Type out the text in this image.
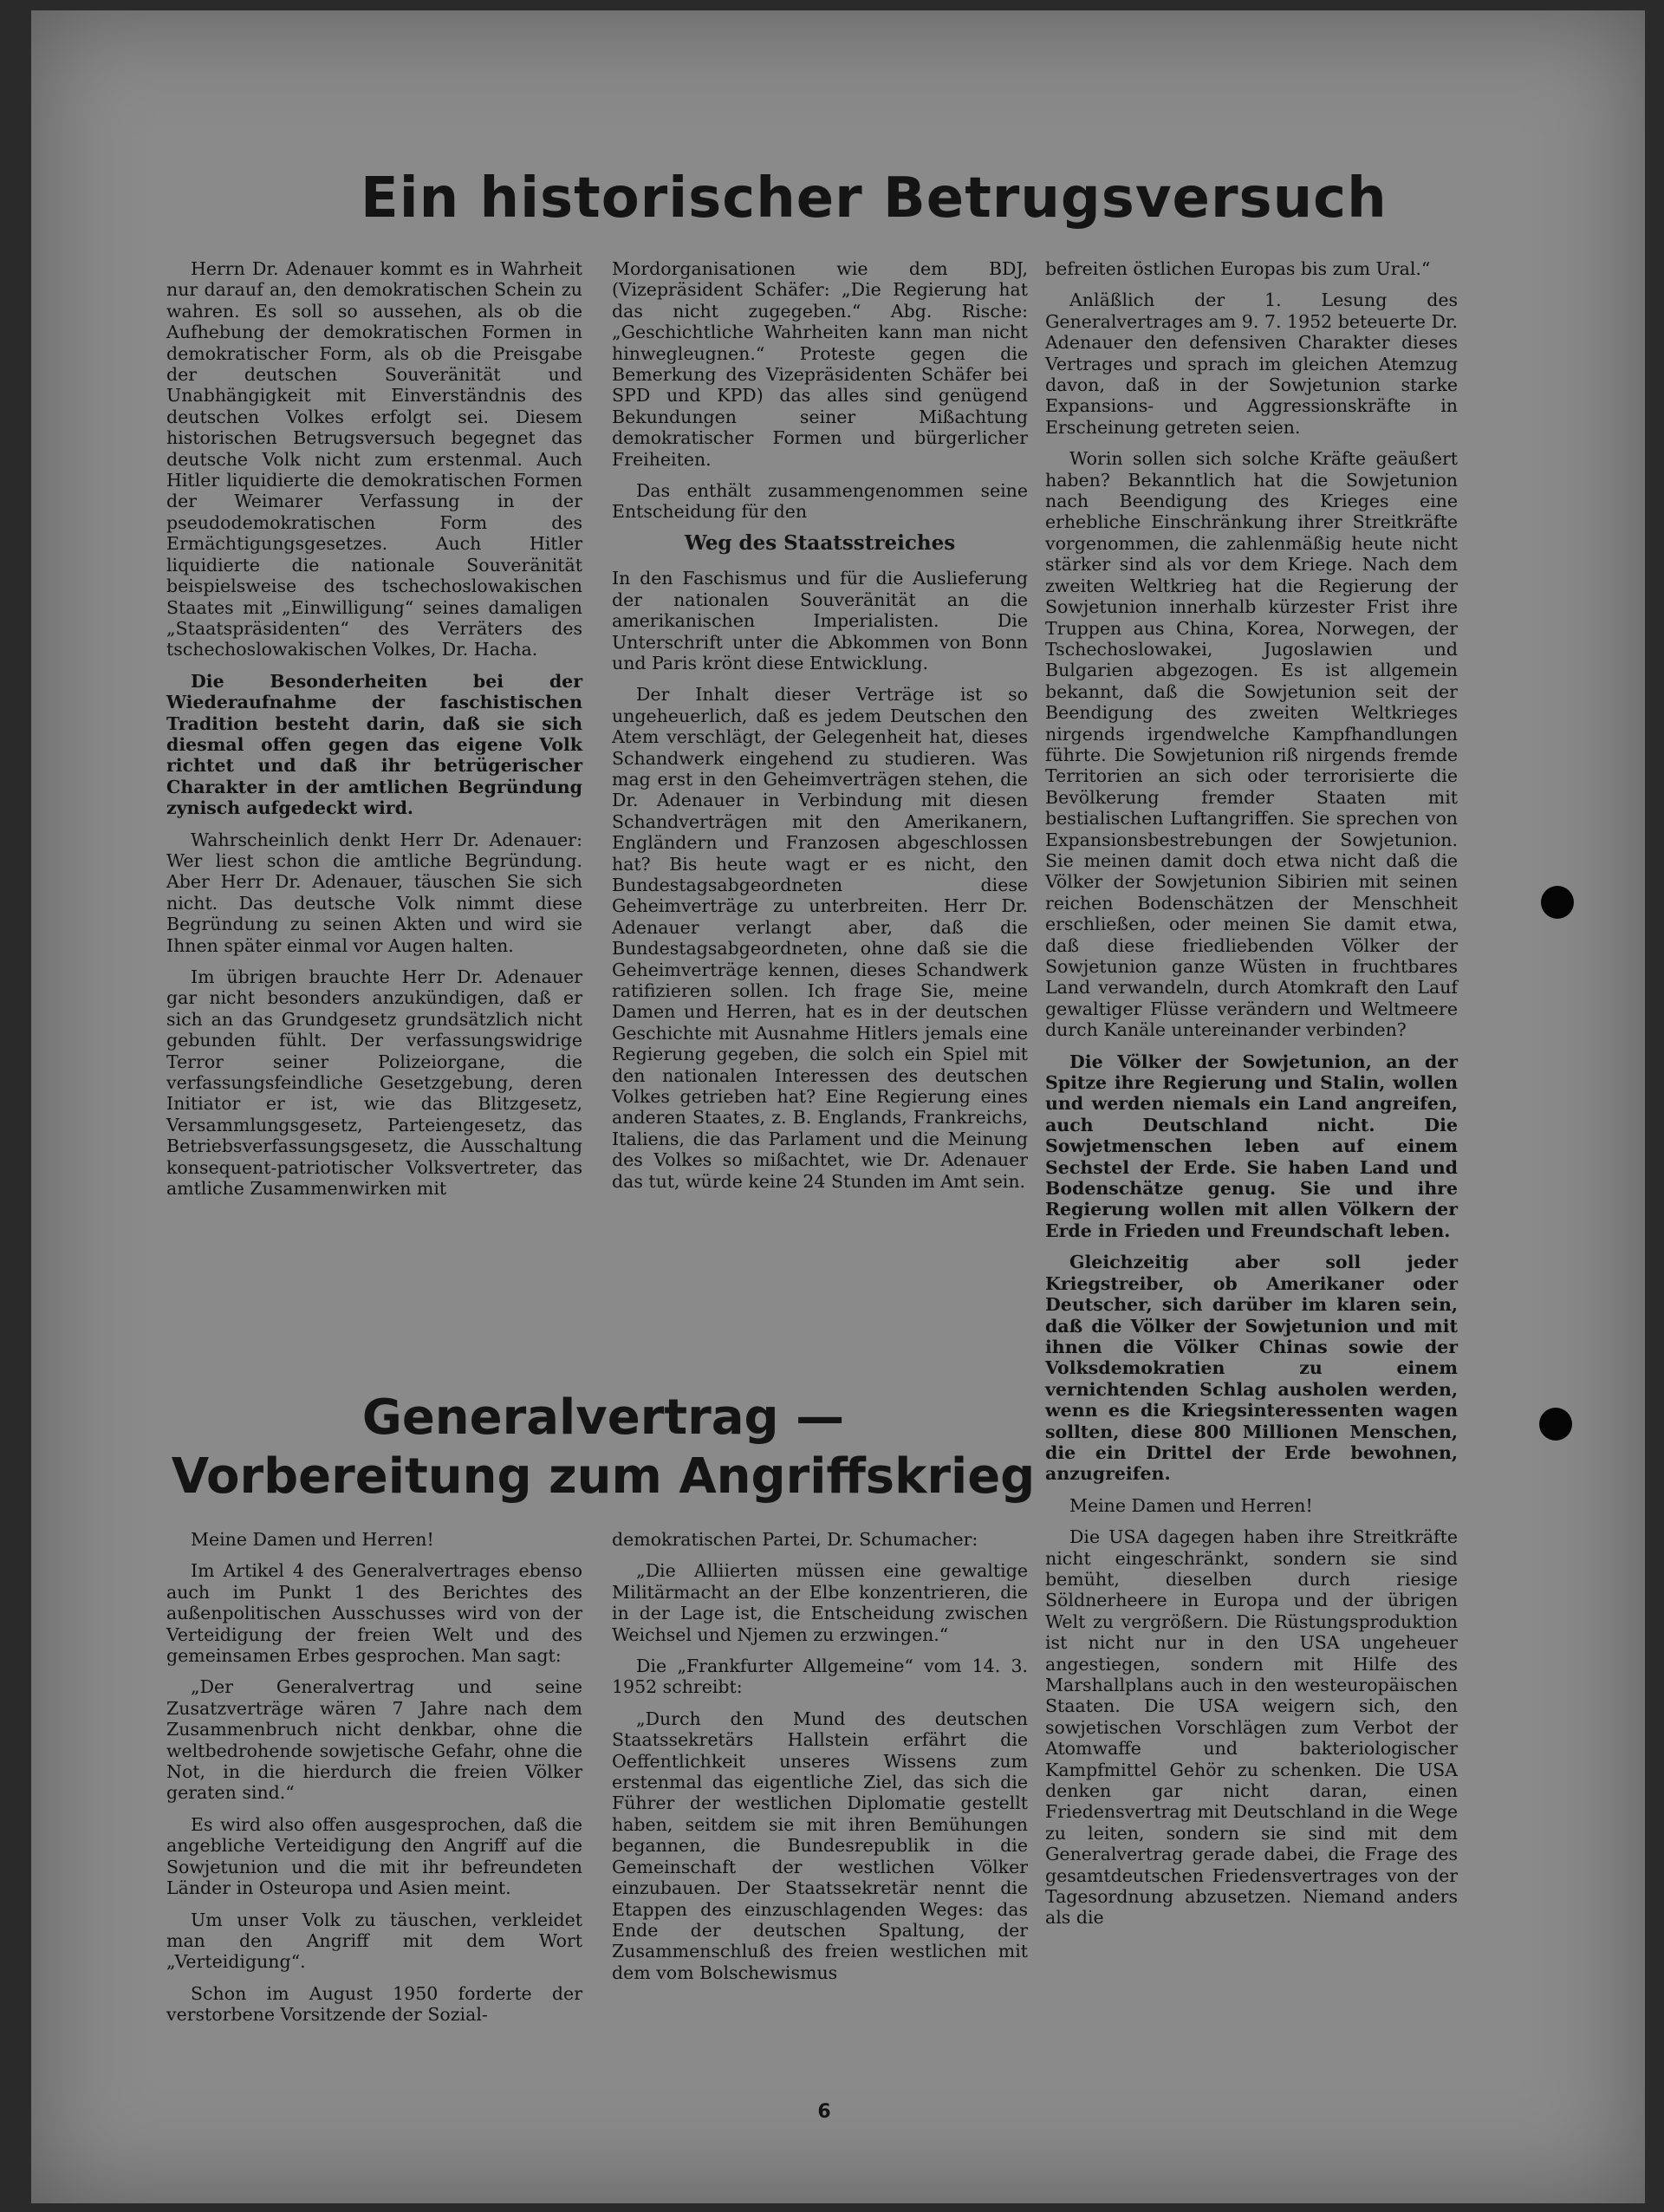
Ein historischer Betrugsversuch

Herrn Dr. Adenauer kommt es in Wahrheit nur darauf an, den demokratischen Schein zu wahren. Es soll so aussehen, als ob die Aufhebung der demokratischen Formen in demokratischer Form, als ob die Preisgabe der deutschen Souveränität und Unabhängigkeit mit Einverständnis des deutschen Volkes erfolgt sei. Diesem historischen Betrugsversuch begegnet das deutsche Volk nicht zum erstenmal. Auch Hitler liquidierte die demokratischen Formen der Weimarer Verfassung in der pseudodemokratischen Form des Ermächtigungsgesetzes. Auch Hitler liquidierte die nationale Souveränität beispielsweise des tschechoslowakischen Staates mit „Einwilligung“ seines damaligen „Staatspräsidenten“ des Verräters des tschechoslowakischen Volkes, Dr. Hacha.

Die Besonderheiten bei der Wiederaufnahme der faschistischen Tradition besteht darin, daß sie sich diesmal offen gegen das eigene Volk richtet und daß ihr betrügerischer Charakter in der amtlichen Begründung zynisch aufgedeckt wird.

Wahrscheinlich denkt Herr Dr. Adenauer: Wer liest schon die amtliche Begründung. Aber Herr Dr. Adenauer, täuschen Sie sich nicht. Das deutsche Volk nimmt diese Begründung zu seinen Akten und wird sie Ihnen später einmal vor Augen halten.

Im übrigen brauchte Herr Dr. Adenauer gar nicht besonders anzukündigen, daß er sich an das Grundgesetz grundsätzlich nicht gebunden fühlt. Der verfassungswidrige Terror seiner Polizeiorgane, die verfassungsfeindliche Gesetzgebung, deren Initiator er ist, wie das Blitzgesetz, Versammlungsgesetz, Parteiengesetz, das Betriebsverfassungsgesetz, die Ausschaltung konsequent-patriotischer Volksvertreter, das amtliche Zusammenwirken mit

Mordorganisationen wie dem BDJ, (Vizepräsident Schäfer: „Die Regierung hat das nicht zugegeben.“ Abg. Rische: „Geschichtliche Wahrheiten kann man nicht hinwegleugnen.“ Proteste gegen die Bemerkung des Vizepräsidenten Schäfer bei SPD und KPD) das alles sind genügend Bekundungen seiner Mißachtung demokratischer Formen und bürgerlicher Freiheiten.

Das enthält zusammengenommen seine Entscheidung für den

Weg des Staatsstreiches

In den Faschismus und für die Auslieferung der nationalen Souveränität an die amerikanischen Imperialisten. Die Unterschrift unter die Abkommen von Bonn und Paris krönt diese Entwicklung.

Der Inhalt dieser Verträge ist so ungeheuerlich, daß es jedem Deutschen den Atem verschlägt, der Gelegenheit hat, dieses Schandwerk eingehend zu studieren. Was mag erst in den Geheimverträgen stehen, die Dr. Adenauer in Verbindung mit diesen Schandverträgen mit den Amerikanern, Engländern und Franzosen abgeschlossen hat? Bis heute wagt er es nicht, den Bundestagsabgeordneten diese Geheimverträge zu unterbreiten. Herr Dr. Adenauer verlangt aber, daß die Bundestagsabgeordneten, ohne daß sie die Geheimverträge kennen, dieses Schandwerk ratifizieren sollen. Ich frage Sie, meine Damen und Herren, hat es in der deutschen Geschichte mit Ausnahme Hitlers jemals eine Regierung gegeben, die solch ein Spiel mit den nationalen Interessen des deutschen Volkes getrieben hat? Eine Regierung eines anderen Staates, z. B. Englands, Frankreichs, Italiens, die das Parlament und die Meinung des Volkes so mißachtet, wie Dr. Adenauer das tut, würde keine 24 Stunden im Amt sein.

befreiten östlichen Europas bis zum Ural.“

Anläßlich der 1. Lesung des Generalvertrages am 9. 7. 1952 beteuerte Dr. Adenauer den defensiven Charakter dieses Vertrages und sprach im gleichen Atemzug davon, daß in der Sowjetunion starke Expansions- und Aggressionskräfte in Erscheinung getreten seien.

Worin sollen sich solche Kräfte geäußert haben? Bekanntlich hat die Sowjetunion nach Beendigung des Krieges eine erhebliche Einschränkung ihrer Streitkräfte vorgenommen, die zahlenmäßig heute nicht stärker sind als vor dem Kriege. Nach dem zweiten Weltkrieg hat die Regierung der Sowjetunion innerhalb kürzester Frist ihre Truppen aus China, Korea, Norwegen, der Tschechoslowakei, Jugoslawien und Bulgarien abgezogen. Es ist allgemein bekannt, daß die Sowjetunion seit der Beendigung des zweiten Weltkrieges nirgends irgendwelche Kampfhandlungen führte. Die Sowjetunion riß nirgends fremde Territorien an sich oder terrorisierte die Bevölkerung fremder Staaten mit bestialischen Luftangriffen. Sie sprechen von Expansionsbestrebungen der Sowjetunion. Sie meinen damit doch etwa nicht daß die Völker der Sowjetunion Sibirien mit seinen reichen Bodenschätzen der Menschheit erschließen, oder meinen Sie damit etwa, daß diese friedliebenden Völker der Sowjetunion ganze Wüsten in fruchtbares Land verwandeln, durch Atomkraft den Lauf gewaltiger Flüsse verändern und Weltmeere durch Kanäle untereinander verbinden?

Die Völker der Sowjetunion, an der Spitze ihre Regierung und Stalin, wollen und werden niemals ein Land angreifen, auch Deutschland nicht. Die Sowjetmenschen leben auf einem Sechstel der Erde. Sie haben Land und Bodenschätze genug. Sie und ihre Regierung wollen mit allen Völkern der Erde in Frieden und Freundschaft leben.

Gleichzeitig aber soll jeder Kriegstreiber, ob Amerikaner oder Deutscher, sich darüber im klaren sein, daß die Völker der Sowjetunion und mit ihnen die Völker Chinas sowie der Volksdemokratien zu einem vernichtenden Schlag ausholen werden, wenn es die Kriegsinteressenten wagen sollten, diese 800 Millionen Menschen, die ein Drittel der Erde bewohnen, anzugreifen.

Meine Damen und Herren!

Die USA dagegen haben ihre Streitkräfte nicht eingeschränkt, sondern sie sind bemüht, dieselben durch riesige Söldnerheere in Europa und der übrigen Welt zu vergrößern. Die Rüstungsproduktion ist nicht nur in den USA ungeheuer angestiegen, sondern mit Hilfe des Marshallplans auch in den westeuropäischen Staaten. Die USA weigern sich, den sowjetischen Vorschlägen zum Verbot der Atomwaffe und bakteriologischer Kampfmittel Gehör zu schenken. Die USA denken gar nicht daran, einen Friedensvertrag mit Deutschland in die Wege zu leiten, sondern sie sind mit dem Generalvertrag gerade dabei, die Frage des gesamtdeutschen Friedensvertrages von der Tagesordnung abzusetzen. Niemand anders als die

Generalvertrag —
Vorbereitung zum Angriffskrieg

Meine Damen und Herren!

Im Artikel 4 des Generalvertrages ebenso auch im Punkt 1 des Berichtes des außenpolitischen Ausschusses wird von der Verteidigung der freien Welt und des gemeinsamen Erbes gesprochen. Man sagt:

„Der Generalvertrag und seine Zusatzverträge wären 7 Jahre nach dem Zusammenbruch nicht denkbar, ohne die weltbedrohende sowjetische Gefahr, ohne die Not, in die hierdurch die freien Völker geraten sind.“

Es wird also offen ausgesprochen, daß die angebliche Verteidigung den Angriff auf die Sowjetunion und die mit ihr befreundeten Länder in Osteuropa und Asien meint.

Um unser Volk zu täuschen, verkleidet man den Angriff mit dem Wort „Verteidigung“.

Schon im August 1950 forderte der verstorbene Vorsitzende der Sozial-

demokratischen Partei, Dr. Schumacher:

„Die Alliierten müssen eine gewaltige Militärmacht an der Elbe konzentrieren, die in der Lage ist, die Entscheidung zwischen Weichsel und Njemen zu erzwingen.“

Die „Frankfurter Allgemeine“ vom 14. 3. 1952 schreibt:

„Durch den Mund des deutschen Staatssekretärs Hallstein erfährt die Oeffentlichkeit unseres Wissens zum erstenmal das eigentliche Ziel, das sich die Führer der westlichen Diplomatie gestellt haben, seitdem sie mit ihren Bemühungen begannen, die Bundesrepublik in die Gemeinschaft der westlichen Völker einzubauen. Der Staatssekretär nennt die Etappen des einzuschlagenden Weges: das Ende der deutschen Spaltung, der Zusammenschluß des freien westlichen mit dem vom Bolschewismus

6
